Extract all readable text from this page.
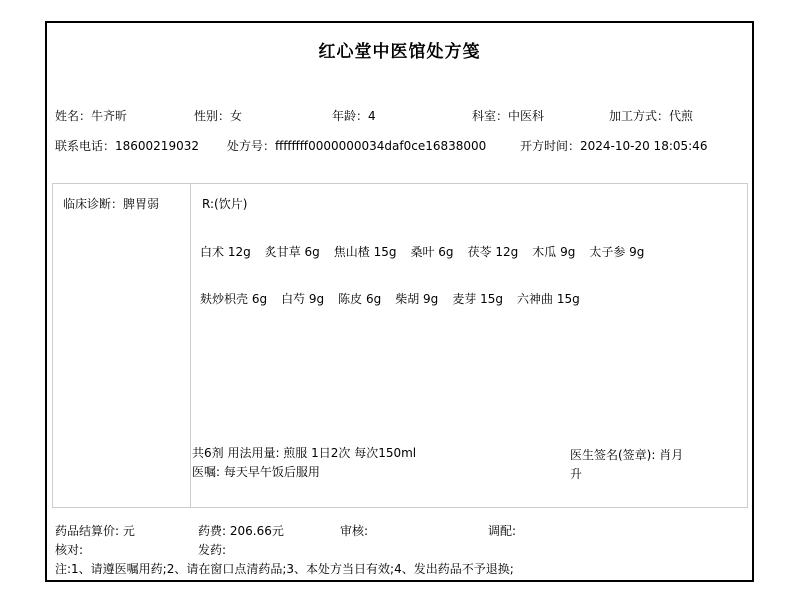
红心堂中医馆处方笺
姓名：牛齐昕	性别：女	年龄：4	科室：中医科	加工方式：代煎
联系电话：18600219032 处方号：ffffffff0000000034daf0ce16838000	开方时间：2024-10-20 18:05:46
临床诊断：脾胃弱	R:(饮片)
白术 12g 炙甘草 6g 焦山楂 15g 桑叶 6g 茯苓 12g 木瓜 9g 太子参 9g
麸炒枳壳 6g 白芍 9g 陈皮 6g 柴胡 9g 麦芽 15g 六神曲 15g
共6剂 用法用量: 煎服 1日2次 每次150ml
医嘱: 每天早午饭后服用
医生签名(签章): 肖月升
药品结算价: 元	药费: 206.66元	审核:	调配:
核对:	发药:
注:1、请遵医嘱用药;2、请在窗口点清药品;3、本处方当日有效;4、发出药品不予退换;
